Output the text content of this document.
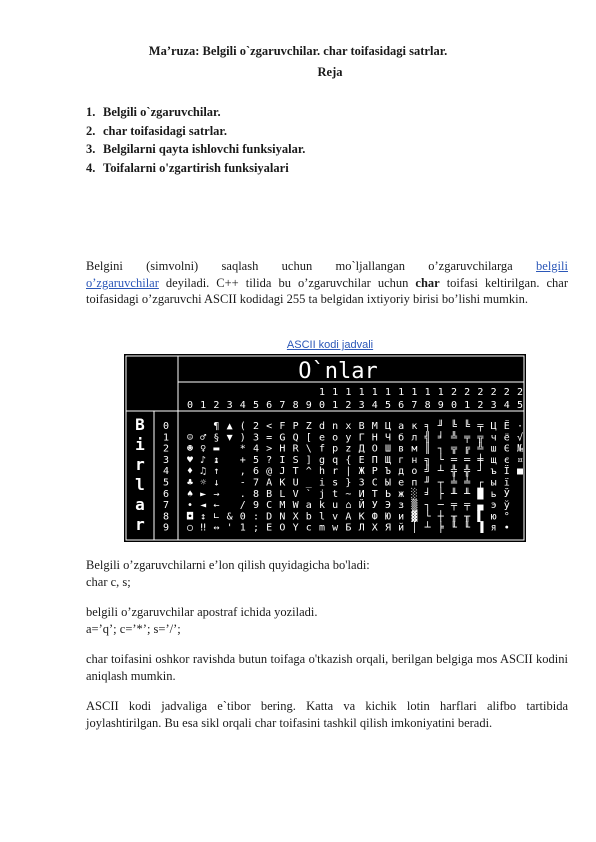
Ma’ruza: Belgili o`zgaruvchilar. char toifasidagi satrlar.
Reja
1. Belgili o`zgaruvchilar.
2. char toifasidagi satrlar.
3. Belgilarni qayta ishlovchi funksiyalar.
4. Toifalarni o'zgartirish funksiyalari
Belgini (simvolni) saqlash uchun mo`ljallangan o’zgaruvchilarga belgili
o’zgaruvchilar deyiladi. C++ tilida bu o’zgaruvchilar uchun char toifasi keltirilgan. char toifasidagi o’zgaruvchi ASCII kodidagi 255 ta belgidan ixtiyoriy birisi bo’lishi mumkin.
ASCII kodi jadvali
O`nlar
1 1 1 1 1 1 1 1 1 1 2 2 2 2 2 2
0 1 2 3 4 5 6 7 8 9 0 1 2 3 4 5 6 7 8 9 0 1 2 3 4 5
B
i
r
l
a
r
0
1
2
3
4
5
6
7
8
9
¶ ▲ ( 2 < F P Z d n x В М Ц а к ╕ ╜ ╚ ╚ ╤ Ц Ё ·
☺ ♂ § ▼ ) 3 = G Q [ e o у Г Н Ч б л ╣ ╛ ╩ ╤ ╦ ч ё √
☻ ♀ ▬ * 4 > H R \ f p z Д О Ш в м ║ ┐ ╦ ╔ ╩ ш Є №
♥ ♪ ↨ + 5 ? I S ] g q { Е П Щ г н ╗ └ ═ ═ ╪ щ є ¤
♦ ♫ ↑ , 6 @ J T ^ h r | Ж Р Ъ д о ╝ ┴ ╬ ╬ ┘ ъ Ї ■
♣ ☼ ↓ - 7 A K U _ i s } З С Ы е п ╜ ┬ ╧ ╧ ┌ ы ї
♠ ► → . 8 B L V ` j t ~ И Т Ь ж ░ ╛ ├ ╨ ╨ █ ь Ў
• ◄ ← / 9 C M W a k u ⌂ Й У Э з ▒ ┐ ─ ╤ ╤ ▄ э ў
◘ ↕ ∟ & 0 : D N X b l v А К Ф Ю и ▓ └ ┼ ╥ ╥ ▌ ю °
○ ‼ ↔ ' 1 ; E O Y c m w Б Л Х Я й │ ┴ ╞ ╙ ╙ ▐ я ∙
Belgili o’zgaruvchilarni e’lon qilish quyidagicha bo'ladi:
char c, s;
belgili o’zgaruvchilar apostraf ichida yoziladi.
a=’q’; c=’*’; s=’/’;
char toifasini oshkor ravishda butun toifaga o'tkazish orqali, berilgan belgiga mos ASCII kodini aniqlash mumkin.
ASCII kodi jadvaliga e`tibor bering. Katta va kichik lotin harflari alifbo tartibida joylashtirilgan. Bu esa sikl orqali char toifasini tashkil qilish imkoniyatini beradi.
